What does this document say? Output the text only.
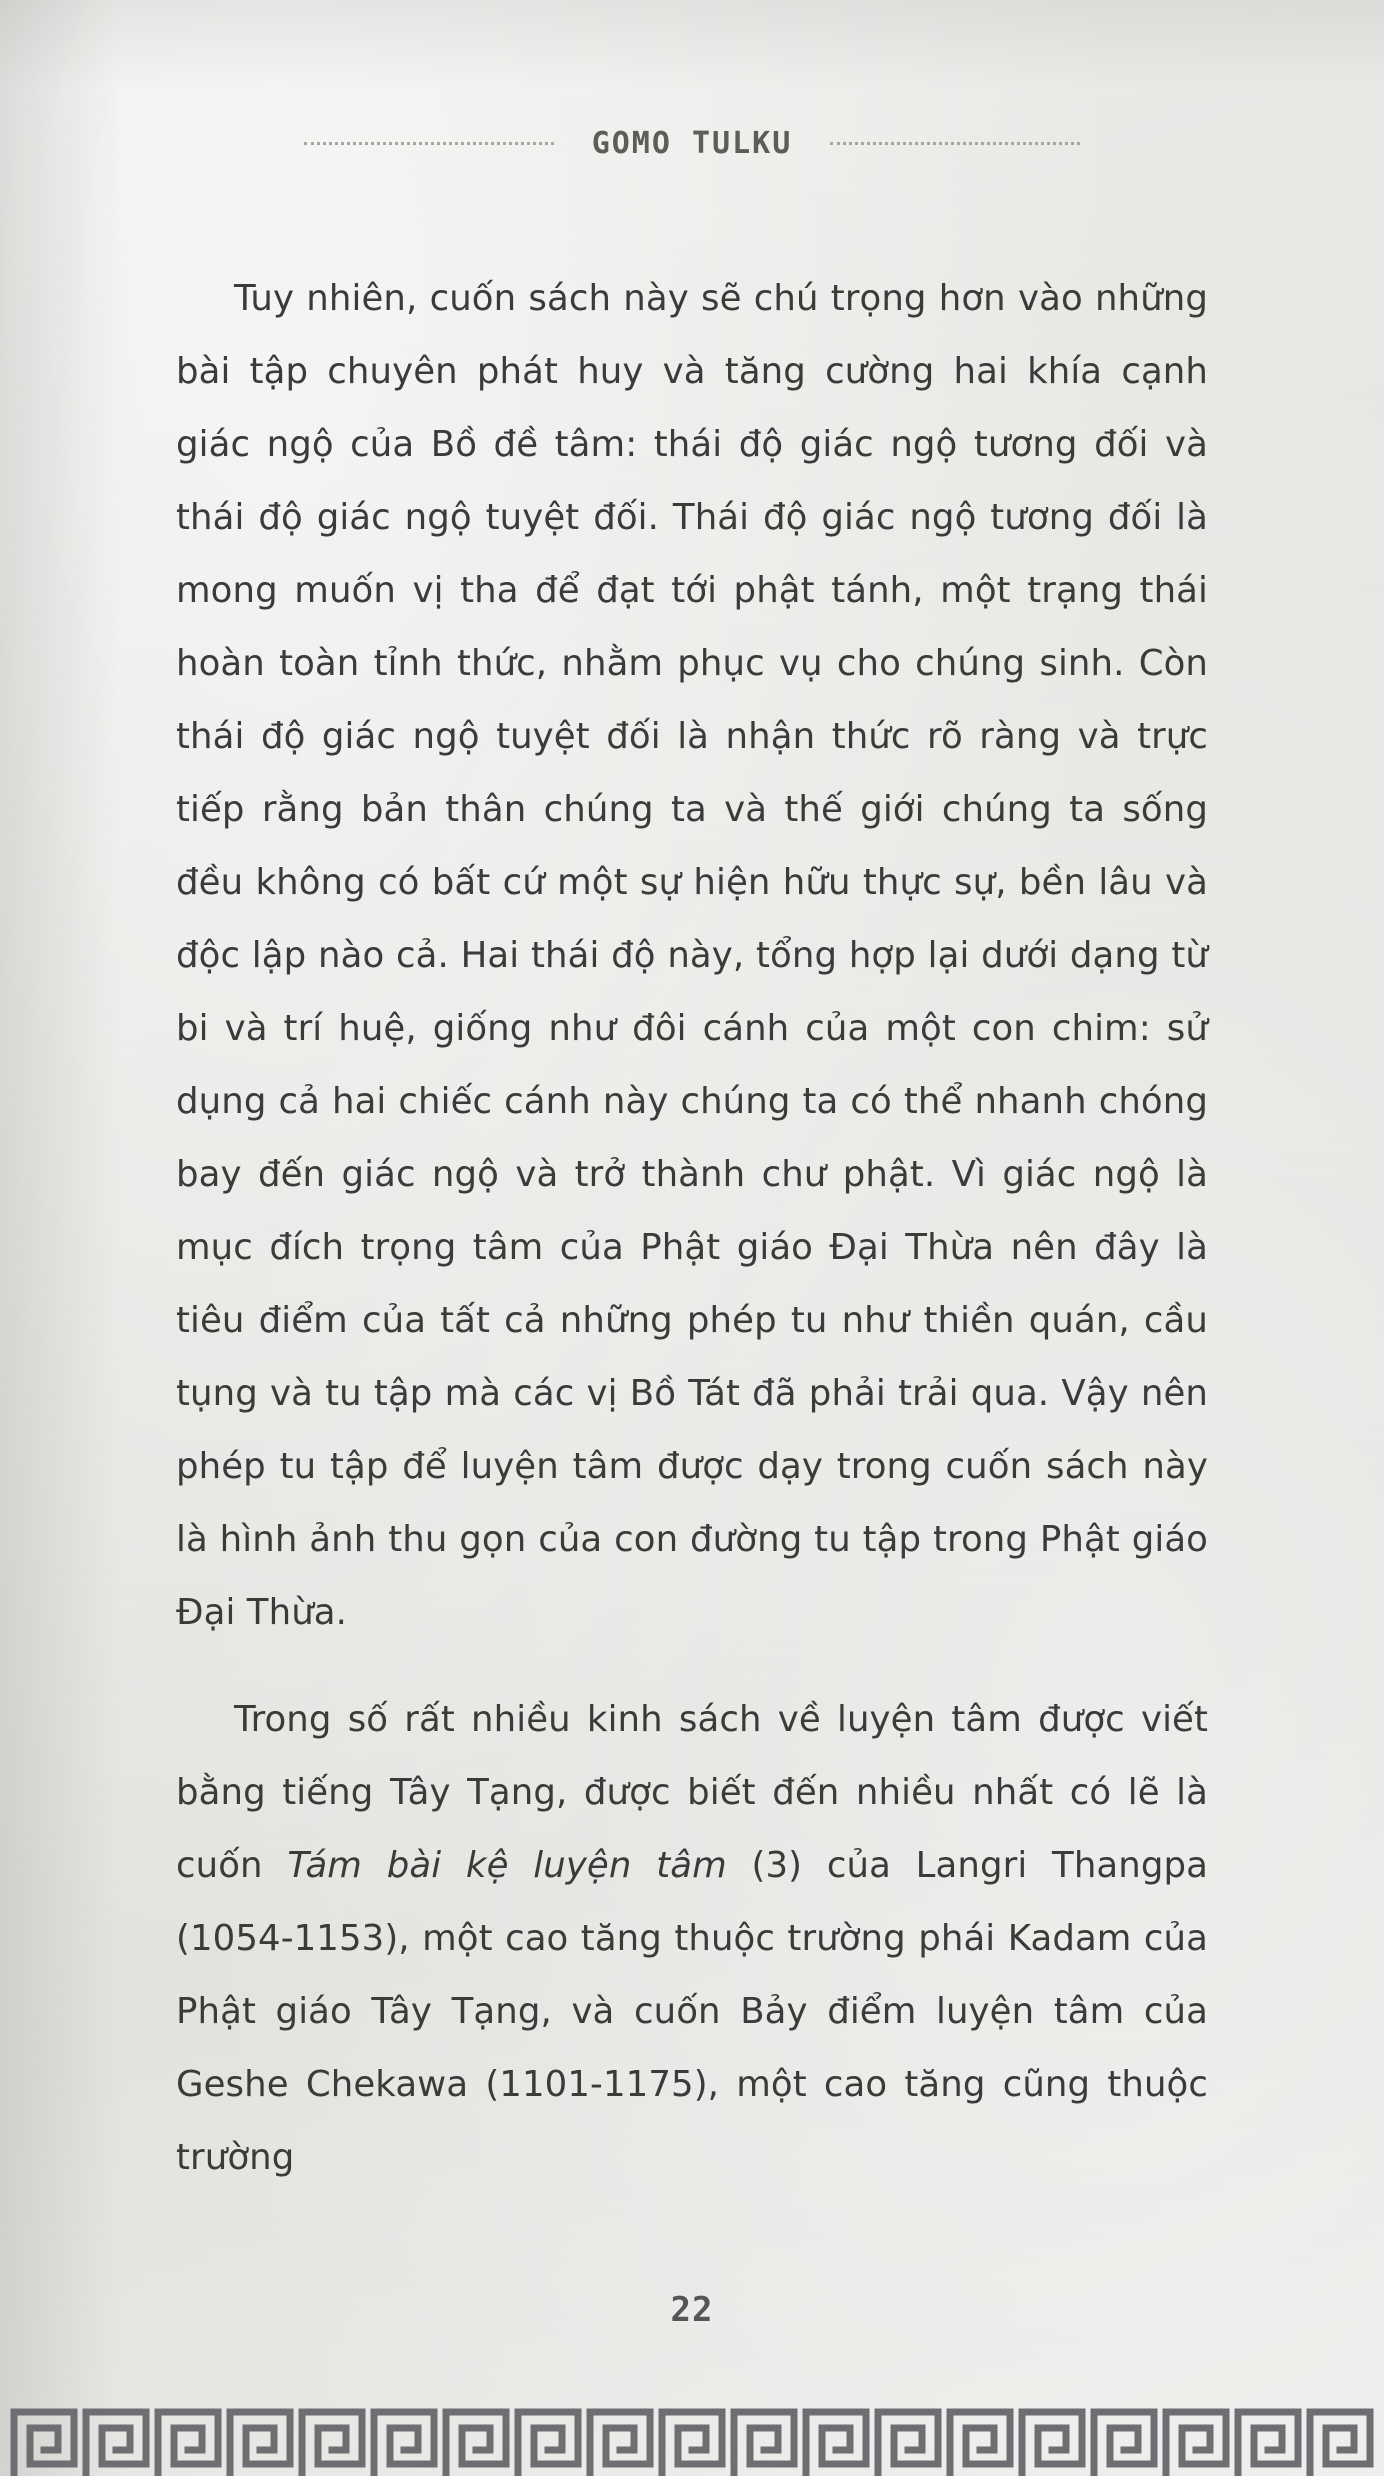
GOMO TULKU

Tuy nhiên, cuốn sách này sẽ chú trọng hơn vào những bài tập chuyên phát huy và tăng cường hai khía cạnh giác ngộ của Bồ đề tâm: thái độ giác ngộ tương đối và thái độ giác ngộ tuyệt đối. Thái độ giác ngộ tương đối là mong muốn vị tha để đạt tới phật tánh, một trạng thái hoàn toàn tỉnh thức, nhằm phục vụ cho chúng sinh. Còn thái độ giác ngộ tuyệt đối là nhận thức rõ ràng và trực tiếp rằng bản thân chúng ta và thế giới chúng ta sống đều không có bất cứ một sự hiện hữu thực sự, bền lâu và độc lập nào cả. Hai thái độ này, tổng hợp lại dưới dạng từ bi và trí huệ, giống như đôi cánh của một con chim: sử dụng cả hai chiếc cánh này chúng ta có thể nhanh chóng bay đến giác ngộ và trở thành chư phật. Vì giác ngộ là mục đích trọng tâm của Phật giáo Đại Thừa nên đây là tiêu điểm của tất cả những phép tu như thiền quán, cầu tụng và tu tập mà các vị Bồ Tát đã phải trải qua. Vậy nên phép tu tập để luyện tâm được dạy trong cuốn sách này là hình ảnh thu gọn của con đường tu tập trong Phật giáo Đại Thừa.

Trong số rất nhiều kinh sách về luyện tâm được viết bằng tiếng Tây Tạng, được biết đến nhiều nhất có lẽ là cuốn Tám bài kệ luyện tâm (3) của Langri Thangpa (1054-1153), một cao tăng thuộc trường phái Kadam của Phật giáo Tây Tạng, và cuốn Bảy điểm luyện tâm của Geshe Chekawa (1101-1175), một cao tăng cũng thuộc trường

22
